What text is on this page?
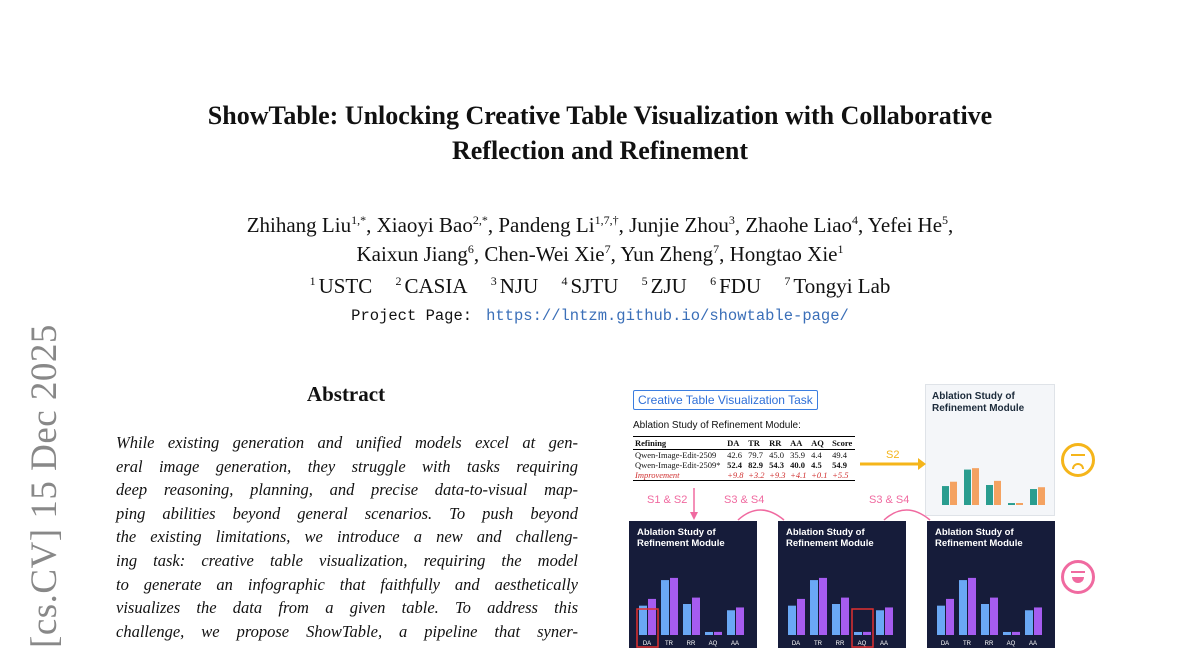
[cs.CV] 15 Dec 2025
ShowTable: Unlocking Creative Table Visualization with Collaborative
Reflection and Refinement
Zhihang Liu$^{1,*}$, Xiaoyi Bao$^{2,*}$, Pandeng $Li^{1,7,\dagger}$, Junjie Zhou$^3$, Zhaohe Liao$^4$, Yefei He$^5$,
Kaixun Jiang$^6$, Chen-Wei Xie$^7$, Yun Zheng$^7$, Hongtao Xie$^1$
$^1$ USTC $^2$ CASIA $^3$ NJU $^4$ SJTU $^5$ ZJU $^6$ FDU $^7$ Tongyi Lab
Project Page: https://lntzm.github.io/showtable-page/
Abstract
While existing generation and unified models excel at gen-
eral image generation, they struggle with tasks requiring
deep reasoning, planning, and precise data-to-visual map-
ping abilities beyond general scenarios. To push beyond
the existing limitations, we introduce a new and challeng-
ing task: creative table visualization, requiring the model
to generate an infographic that faithfully and aesthetically
visualizes the data from a given table. To address this
challenge, we propose ShowTable, a pipeline that syner-
Creative Table Visualization Task
Ablation Study of Refinement Module:
Refining	DA	TR	RR	AA	AQ	Score
Qwen-Image-Edit-2509	42.6	79.7	45.0	35.9	4.4	49.4
Qwen-Image-Edit-2509*	52.4	82.9	54.3	40.0	4.5	54.9
Improvement	+9.8	+3.2	+9.3	+4.1	+0.1	+5.5
Ablation Study of Refinement Module
S2
S1 & S2	S3 & S4	S3 & S4
Ablation Study of
Refinement Module
DA TR RR AQ AA
Ablation Study of
Refinement Module
DA TR RR AQ AA
Ablation Study of
Refinement Module
DA TR RR AQ AA
